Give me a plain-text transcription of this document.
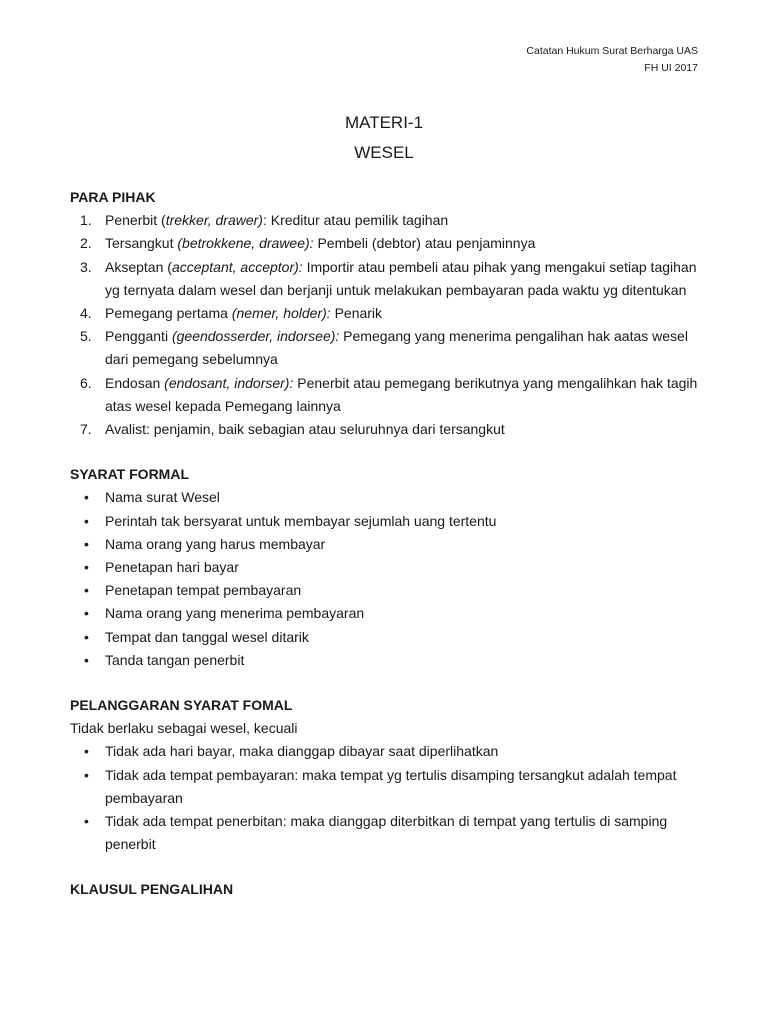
Catatan Hukum Surat Berharga UAS
FH UI 2017
MATERI-1
WESEL

PARA PIHAK

1. Penerbit (trekker, drawer): Kreditur atau pemilik tagihan
2. Tersangkut (betrokkene, drawee): Pembeli (debtor) atau penjaminnya
3. Akseptan (acceptant, acceptor): Importir atau pembeli atau pihak yang mengakui setiap tagihan yg ternyata dalam wesel dan berjanji untuk melakukan pembayaran pada waktu yg ditentukan
4. Pemegang pertama (nemer, holder): Penarik
5. Pengganti (geendosserder, indorsee): Pemegang yang menerima pengalihan hak aatas wesel dari pemegang sebelumnya
6. Endosan (endosant, indorser): Penerbit atau pemegang berikutnya yang mengalihkan hak tagih atas wesel kepada Pemegang lainnya
7. Avalist: penjamin, baik sebagian atau seluruhnya dari tersangkut

SYARAT FORMAL

• Nama surat Wesel
• Perintah tak bersyarat untuk membayar sejumlah uang tertentu
• Nama orang yang harus membayar
• Penetapan hari bayar
• Penetapan tempat pembayaran
• Nama orang yang menerima pembayaran
• Tempat dan tanggal wesel ditarik
• Tanda tangan penerbit

PELANGGARAN SYARAT FOMAL

Tidak berlaku sebagai wesel, kecuali

• Tidak ada hari bayar, maka dianggap dibayar saat diperlihatkan
• Tidak ada tempat pembayaran: maka tempat yg tertulis disamping tersangkut adalah tempat pembayaran
• Tidak ada tempat penerbitan: maka dianggap diterbitkan di tempat yang tertulis di samping penerbit

KLAUSUL PENGALIHAN
